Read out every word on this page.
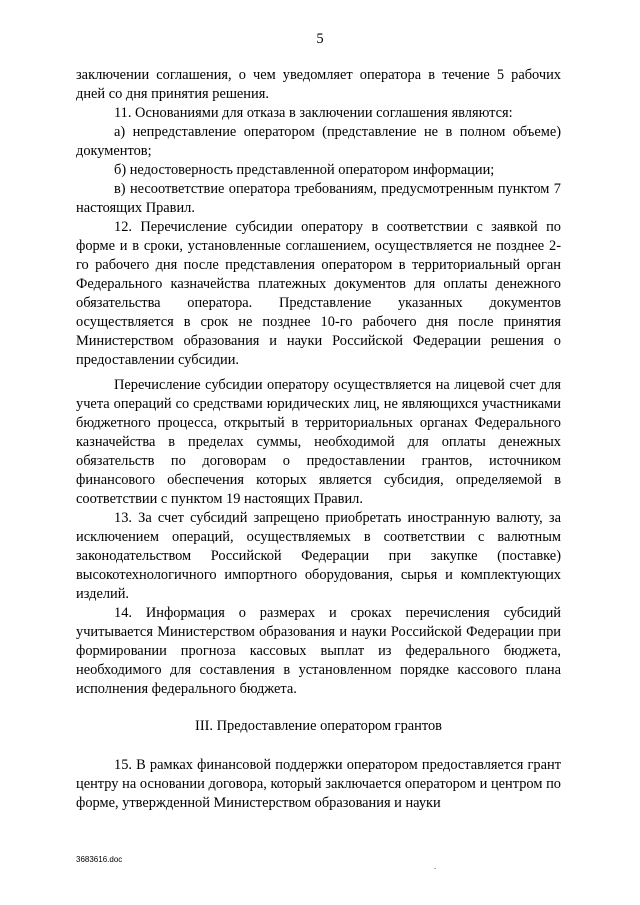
5

заключении соглашения, о чем уведомляет оператора в течение 5 рабочих дней со дня принятия решения.

11. Основаниями для отказа в заключении соглашения являются:

а) непредставление оператором (представление не в полном объеме) документов;

б) недостоверность представленной оператором информации;

в) несоответствие оператора требованиям, предусмотренным пунктом 7 настоящих Правил.

12. Перечисление субсидии оператору в соответствии с заявкой по форме и в сроки, установленные соглашением, осуществляется не позднее 2-го рабочего дня после представления оператором в территориальный орган Федерального казначейства платежных документов для оплаты денежного обязательства оператора. Представление указанных документов осуществляется в срок не позднее 10-го рабочего дня после принятия Министерством образования и науки Российской Федерации решения о предоставлении субсидии.

Перечисление субсидии оператору осуществляется на лицевой счет для учета операций со средствами юридических лиц, не являющихся участниками бюджетного процесса, открытый в территориальных органах Федерального казначейства в пределах суммы, необходимой для оплаты денежных обязательств по договорам о предоставлении грантов, источником финансового обеспечения которых является субсидия, определяемой в соответствии с пунктом 19 настоящих Правил.

13. За счет субсидий запрещено приобретать иностранную валюту, за исключением операций, осуществляемых в соответствии с валютным законодательством Российской Федерации при закупке (поставке) высокотехнологичного импортного оборудования, сырья и комплектующих изделий.

14. Информация о размерах и сроках перечисления субсидий учитывается Министерством образования и науки Российской Федерации при формировании прогноза кассовых выплат из федерального бюджета, необходимого для составления в установленном порядке кассового плана исполнения федерального бюджета.

III. Предоставление оператором грантов

15. В рамках финансовой поддержки оператором предоставляется грант центру на основании договора, который заключается оператором и центром по форме, утвержденной Министерством образования и науки

3683616.doc
.
